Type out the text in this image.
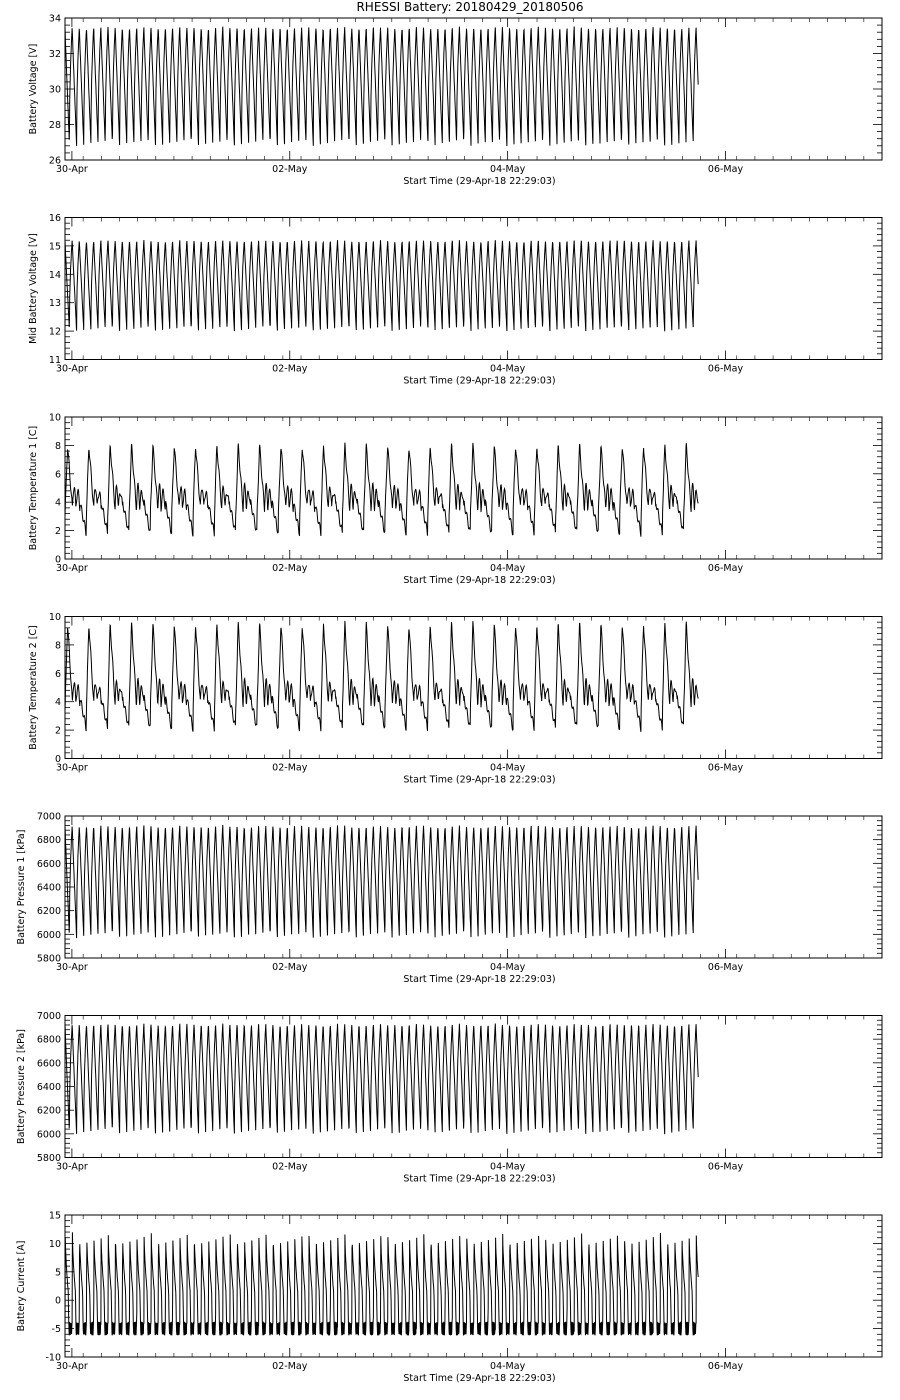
RHESSI Battery: 20180429_20180506
26
28
30
32
34
30-Apr	02-May	04-May	06-May
Start Time (29-Apr-18 22:29:03)
Battery Voltage [V]
11
12
13
14
15
16
30-Apr	02-May	04-May	06-May
Start Time (29-Apr-18 22:29:03)
Mid Battery Voltage [V]
0
2
4
6
8
10
30-Apr	02-May	04-May	06-May
Start Time (29-Apr-18 22:29:03)
Battery Temperature 1 [C]
0
2
4
6
8
10
30-Apr	02-May	04-May	06-May
Start Time (29-Apr-18 22:29:03)
Battery Temperature 2 [C]
5800
6000
6200
6400
6600
6800
7000
30-Apr	02-May	04-May	06-May
Start Time (29-Apr-18 22:29:03)
Battery Pressure 1 [kPa]
5800
6000
6200
6400
6600
6800
7000
30-Apr	02-May	04-May	06-May
Start Time (29-Apr-18 22:29:03)
Battery Pressure 2 [kPa]
-10
-5
0
5
10
15
30-Apr	02-May	04-May	06-May
Start Time (29-Apr-18 22:29:03)
Battery Current [A]
